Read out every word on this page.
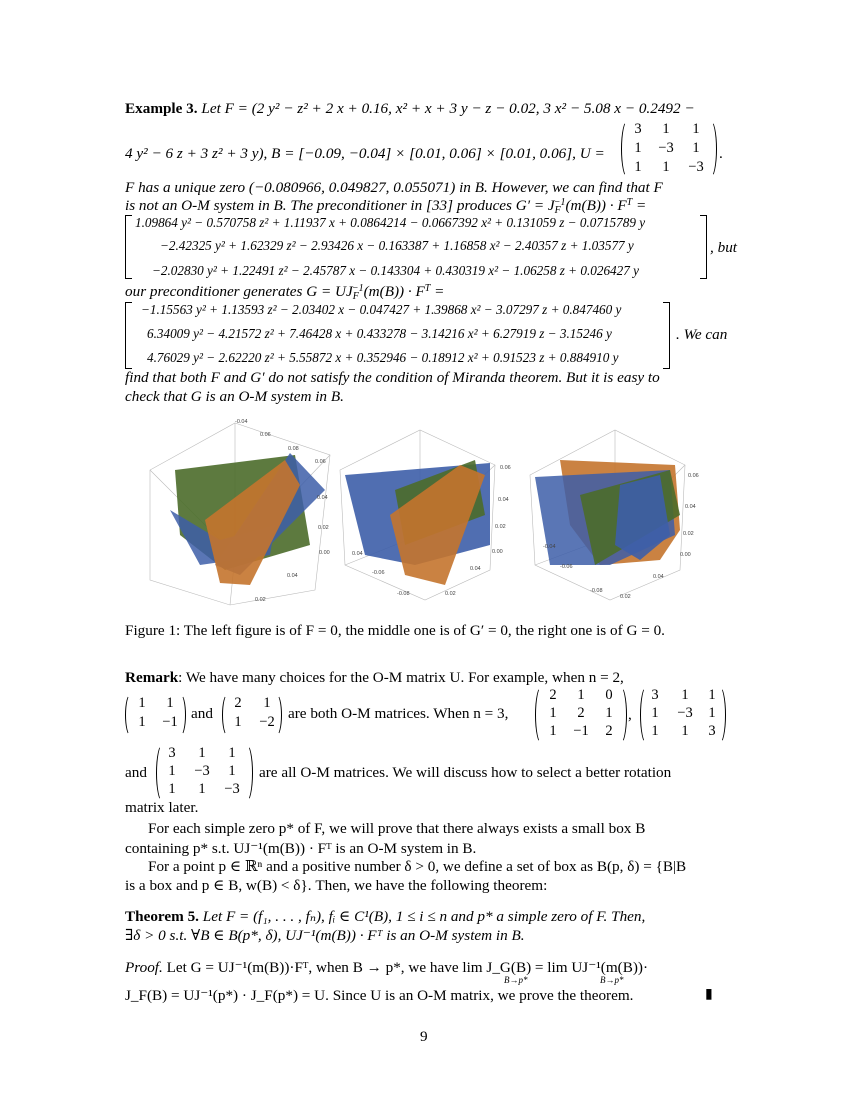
Example 3. Let F = (2 y² − z² + 2 x + 0.16, x² + x + 3 y − z − 0.02, 3 x² − 5.08 x − 0.2492 −
4 y² − 6 z + 3 z² + 3 y), B = [−0.09, −0.04] × [0.01, 0.06] × [0.01, 0.06], U =
3	1	1
1	−3	1
1	1	−3
.
F has a unique zero (−0.080966, 0.049827, 0.055071) in B. However, we can find that F
is not an O-M system in B. The preconditioner in [33] produces $G' = J_F^{-1}(m(B)) \cdot F^T$ =
1.09864 y² − 0.570758 z² + 1.11937 x + 0.0864214 − 0.0667392 x² + 0.131059 z − 0.0715789 y
−2.42325 y² + 1.62329 z² − 2.93426 x − 0.163387 + 1.16858 x² − 2.40357 z + 1.03577 y
−2.02830 y² + 1.22491 z² − 2.45787 x − 0.143304 + 0.430319 x² − 1.06258 z + 0.026427 y
, but
our preconditioner generates $G = UJ_F^{-1}(m(B)) \cdot F^T$ =
−1.15563 y² + 1.13593 z² − 2.03402 x − 0.047427 + 1.39868 x² − 3.07297 z + 0.847460 y
6.34009 y² − 4.21572 z² + 7.46428 x + 0.433278 − 3.14216 x² + 6.27919 z − 3.15246 y
4.76029 y² − 2.62220 z² + 5.55872 x + 0.352946 − 0.18912 x² + 0.91523 z + 0.884910 y
. We can
find that both F and G′ do not satisfy the condition of Miranda theorem. But it is easy to
check that G is an O-M system in B.
-0.04
0.06
0.08
0.06
0.04
0.02
0.00
0.04
0.02
0.06
0.04
0.02
0.00
0.04
-0.06
-0.08	0.02
0.04
0.06
0.04
0.02
0.00
-0.04
-0.06
-0.08
0.02
0.04
Figure 1: The left figure is of F = 0, the middle one is of G′ = 0, the right one is of G = 0.
Remark: We have many choices for the O-M matrix U. For example, when n = 2,
1	1
1	−1 and
2	1
1	−2 are both O-M matrices. When n = 3,
2	1	0
1	2	1
1	−1	2
,
3	1	1
1	−3	1
1	1	3
and
3	1	1
1	−3	1
1	1	−3
are all O-M matrices. We will discuss how to select a better rotation
matrix later.
For each simple zero p* of F, we will prove that there always exists a small box B
containing p* s.t. UJ⁻¹(m(B)) · Fᵀ is an O-M system in B.
For a point p ∈ ℝⁿ and a positive number δ > 0, we define a set of box as B(p, δ) = {B|B
is a box and p ∈ B, w(B) < δ}. Then, we have the following theorem:
Theorem 5. Let F = (f₁, . . . , fₙ), fᵢ ∈ C¹(B), 1 ≤ i ≤ n and p* a simple zero of F. Then,
∃δ > 0 s.t. ∀B ∈ B(p*, δ), UJ⁻¹(m(B)) · Fᵀ is an O-M system in B.
Proof. Let G = UJ⁻¹(m(B))·Fᵀ, when B → p*, we have lim J_G(B) = lim UJ⁻¹(m(B))·
B→p*	B→p*
J_F(B) = UJ⁻¹(p*) · J_F(p*) = U. Since U is an O-M matrix, we prove the theorem.	▮
9
